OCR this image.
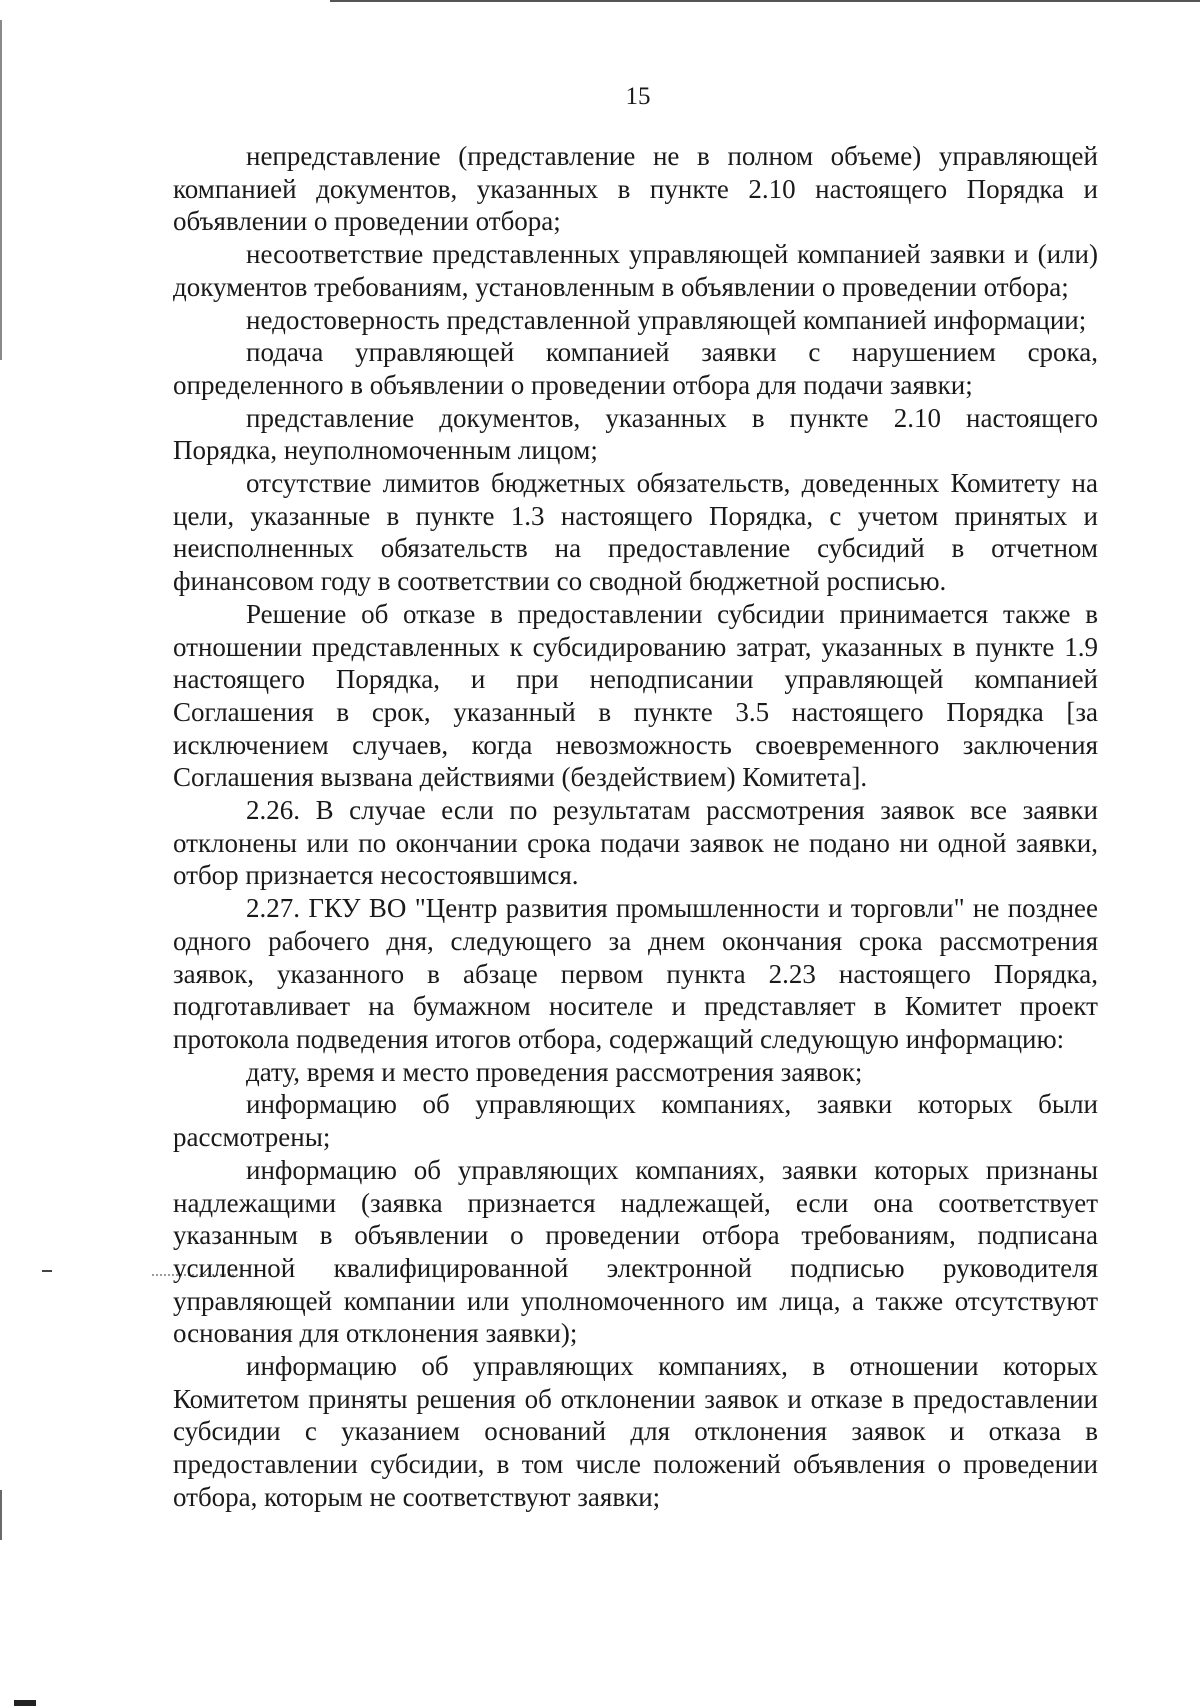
15

непредставление (представление не в полном объеме) управляющей компанией документов, указанных в пункте 2.10 настоящего Порядка и объявлении о проведении отбора;

несоответствие представленных управляющей компанией заявки и (или) документов требованиям, установленным в объявлении о проведении отбора;

недостоверность представленной управляющей компанией информации;

подача управляющей компанией заявки с нарушением срока, определенного в объявлении о проведении отбора для подачи заявки;

представление документов, указанных в пункте 2.10 настоящего Порядка, неуполномоченным лицом;

отсутствие лимитов бюджетных обязательств, доведенных Комитету на цели, указанные в пункте 1.3 настоящего Порядка, с учетом принятых и неисполненных обязательств на предоставление субсидий в отчетном финансовом году в соответствии со сводной бюджетной росписью.

Решение об отказе в предоставлении субсидии принимается также в отношении представленных к субсидированию затрат, указанных в пункте 1.9 настоящего Порядка, и при неподписании управляющей компанией Соглашения в срок, указанный в пункте 3.5 настоящего Порядка [за исключением случаев, когда невозможность своевременного заключения Соглашения вызвана действиями (бездействием) Комитета].

2.26. В случае если по результатам рассмотрения заявок все заявки отклонены или по окончании срока подачи заявок не подано ни одной заявки, отбор признается несостоявшимся.

2.27. ГКУ ВО "Центр развития промышленности и торговли" не позднее одного рабочего дня, следующего за днем окончания срока рассмотрения заявок, указанного в абзаце первом пункта 2.23 настоящего Порядка, подготавливает на бумажном носителе и представляет в Комитет проект протокола подведения итогов отбора, содержащий следующую информацию:

дату, время и место проведения рассмотрения заявок;

информацию об управляющих компаниях, заявки которых были рассмотрены;

информацию об управляющих компаниях, заявки которых признаны надлежащими (заявка признается надлежащей, если она соответствует указанным в объявлении о проведении отбора требованиям, подписана усиленной квалифицированной электронной подписью руководителя управляющей компании или уполномоченного им лица, а также отсутствуют основания для отклонения заявки);

информацию об управляющих компаниях, в отношении которых Комитетом приняты решения об отклонении заявок и отказе в предоставлении субсидии с указанием оснований для отклонения заявок и отказа в предоставлении субсидии, в том числе положений объявления о проведении отбора, которым не соответствуют заявки;
